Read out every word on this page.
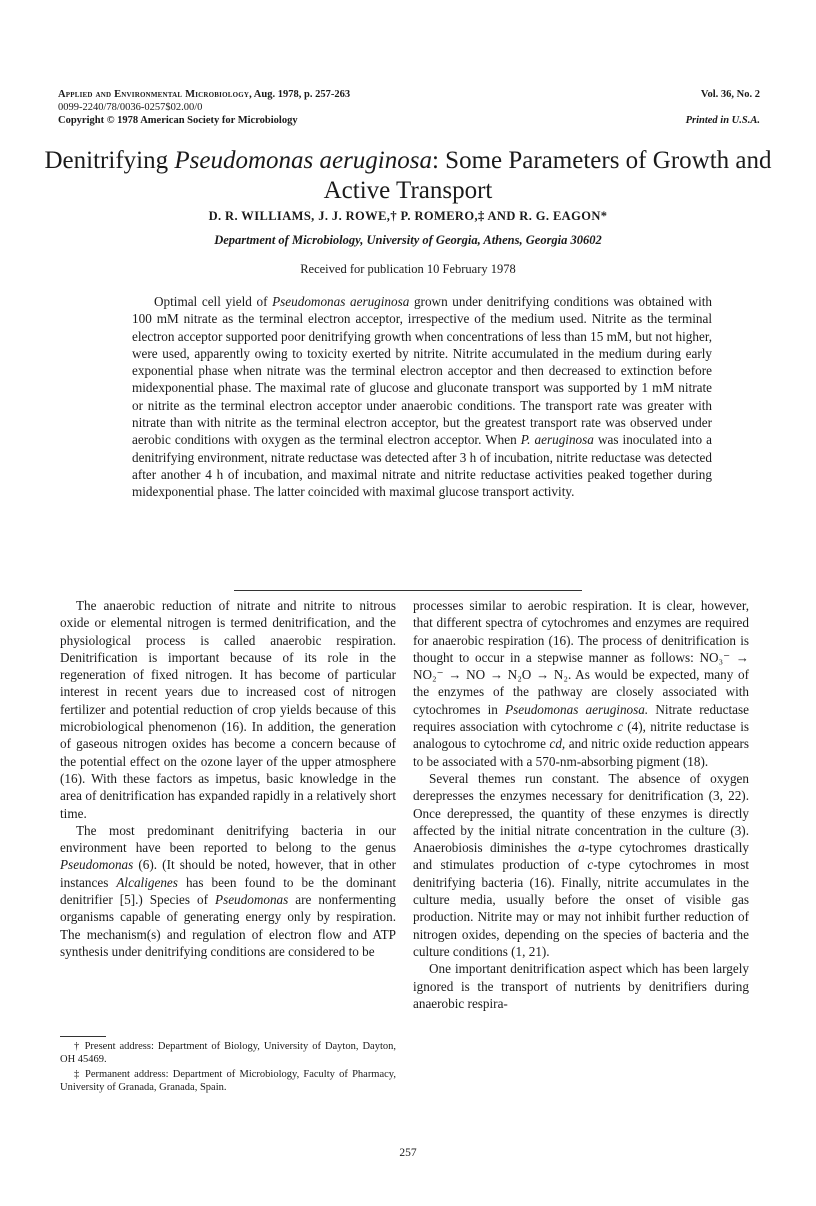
Applied and Environmental Microbiology, Aug. 1978, p. 257-263
0099-2240/78/0036-0257$02.00/0
Copyright © 1978 American Society for Microbiology
Vol. 36, No. 2
Printed in U.S.A.
Denitrifying Pseudomonas aeruginosa: Some Parameters of Growth and Active Transport
D. R. WILLIAMS, J. J. ROWE,† P. ROMERO,‡ AND R. G. EAGON*
Department of Microbiology, University of Georgia, Athens, Georgia 30602
Received for publication 10 February 1978
Optimal cell yield of Pseudomonas aeruginosa grown under denitrifying conditions was obtained with 100 mM nitrate as the terminal electron acceptor, irrespective of the medium used. Nitrite as the terminal electron acceptor supported poor denitrifying growth when concentrations of less than 15 mM, but not higher, were used, apparently owing to toxicity exerted by nitrite. Nitrite accumulated in the medium during early exponential phase when nitrate was the terminal electron acceptor and then decreased to extinction before midexponential phase. The maximal rate of glucose and gluconate transport was supported by 1 mM nitrate or nitrite as the terminal electron acceptor under anaerobic conditions. The transport rate was greater with nitrate than with nitrite as the terminal electron acceptor, but the greatest transport rate was observed under aerobic conditions with oxygen as the terminal electron acceptor. When P. aeruginosa was inoculated into a denitrifying environment, nitrate reductase was detected after 3 h of incubation, nitrite reductase was detected after another 4 h of incubation, and maximal nitrate and nitrite reductase activities peaked together during midexponential phase. The latter coincided with maximal glucose transport activity.

The anaerobic reduction of nitrate and nitrite to nitrous oxide or elemental nitrogen is termed denitrification, and the physiological process is called anaerobic respiration. Denitrification is important because of its role in the regeneration of fixed nitrogen. It has become of particular interest in recent years due to increased cost of nitrogen fertilizer and potential reduction of crop yields because of this microbiological phenomenon (16). In addition, the generation of gaseous nitrogen oxides has become a concern because of the potential effect on the ozone layer of the upper atmosphere (16). With these factors as impetus, basic knowledge in the area of denitrification has expanded rapidly in a relatively short time.

The most predominant denitrifying bacteria in our environment have been reported to belong to the genus Pseudomonas (6). (It should be noted, however, that in other instances Alcaligenes has been found to be the dominant denitrifier [5].) Species of Pseudomonas are nonfermenting organisms capable of generating energy only by respiration. The mechanism(s) and regulation of electron flow and ATP synthesis under denitrifying conditions are considered to be

† Present address: Department of Biology, University of Dayton, Dayton, OH 45469.

‡ Permanent address: Department of Microbiology, Faculty of Pharmacy, University of Granada, Granada, Spain.

processes similar to aerobic respiration. It is clear, however, that different spectra of cytochromes and enzymes are required for anaerobic respiration (16). The process of denitrification is thought to occur in a stepwise manner as follows: NO₃⁻ → NO₂⁻ → NO → N₂O → N₂. As would be expected, many of the enzymes of the pathway are closely associated with cytochromes in Pseudomonas aeruginosa. Nitrate reductase requires association with cytochrome c (4), nitrite reductase is analogous to cytochrome cd, and nitric oxide reduction appears to be associated with a 570-nm-absorbing pigment (18).

Several themes run constant. The absence of oxygen derepresses the enzymes necessary for denitrification (3, 22). Once derepressed, the quantity of these enzymes is directly affected by the initial nitrate concentration in the culture (3). Anaerobiosis diminishes the a-type cytochromes drastically and stimulates production of c-type cytochromes in most denitrifying bacteria (16). Finally, nitrite accumulates in the culture media, usually before the onset of visible gas production. Nitrite may or may not inhibit further reduction of nitrogen oxides, depending on the species of bacteria and the culture conditions (1, 21).

One important denitrification aspect which has been largely ignored is the transport of nutrients by denitrifiers during anaerobic respira-

257
